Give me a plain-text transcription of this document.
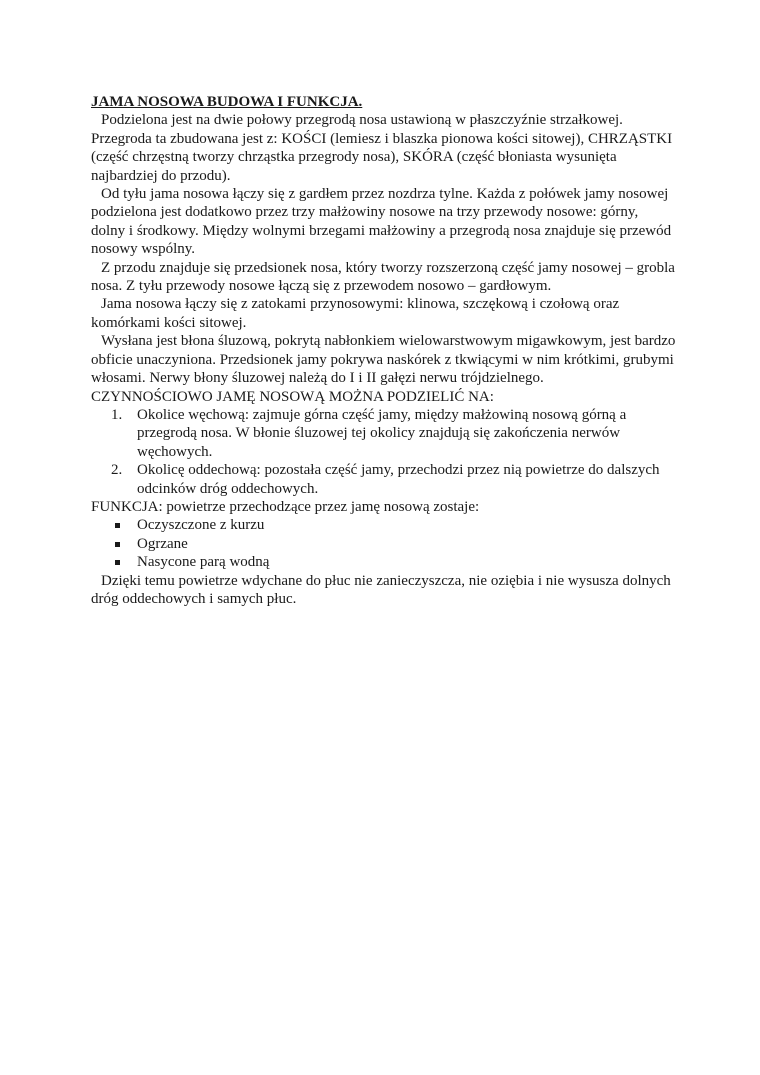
JAMA NOSOWA BUDOWA I FUNKCJA.

Podzielona jest na dwie połowy przegrodą nosa ustawioną w płaszczyźnie strzałkowej. Przegroda ta zbudowana jest z: KOŚCI (lemiesz i blaszka pionowa kości sitowej), CHRZĄSTKI (część chrzęstną tworzy chrząstka przegrody nosa), SKÓRA (część błoniasta wysunięta najbardziej do przodu).

Od tyłu jama nosowa łączy się z gardłem przez nozdrza tylne. Każda z połówek jamy nosowej podzielona jest dodatkowo przez trzy małżowiny nosowe na trzy przewody nosowe: górny, dolny i środkowy. Między wolnymi brzegami małżowiny a przegrodą nosa znajduje się przewód nosowy wspólny.

Z przodu znajduje się przedsionek nosa, który tworzy rozszerzoną część jamy nosowej – grobla nosa. Z tyłu przewody nosowe łączą się z przewodem nosowo – gardłowym.

Jama nosowa łączy się z zatokami przynosowymi: klinowa, szczękową i czołową oraz komórkami kości sitowej.

Wysłana jest błona śluzową, pokrytą nabłonkiem wielowarstwowym migawkowym, jest bardzo obficie unaczyniona. Przedsionek jamy pokrywa naskórek z tkwiącymi w nim krótkimi, grubymi włosami. Nerwy błony śluzowej należą do I i II gałęzi nerwu trójdzielnego.

CZYNNOŚCIOWO JAMĘ NOSOWĄ MOŻNA PODZIELIĆ NA:

1. Okolice węchową: zajmuje górna część jamy, między małżowiną nosową górną a przegrodą nosa. W błonie śluzowej tej okolicy znajdują się zakończenia nerwów węchowych.
2. Okolicę oddechową: pozostała część jamy, przechodzi przez nią powietrze do dalszych odcinków dróg oddechowych.

FUNKCJA: powietrze przechodzące przez jamę nosową zostaje:

Oczyszczone z kurzu
Ogrzane
Nasycone parą wodną

Dzięki temu powietrze wdychane do płuc nie zanieczyszcza, nie oziębia i nie wysusza dolnych dróg oddechowych i samych płuc.
